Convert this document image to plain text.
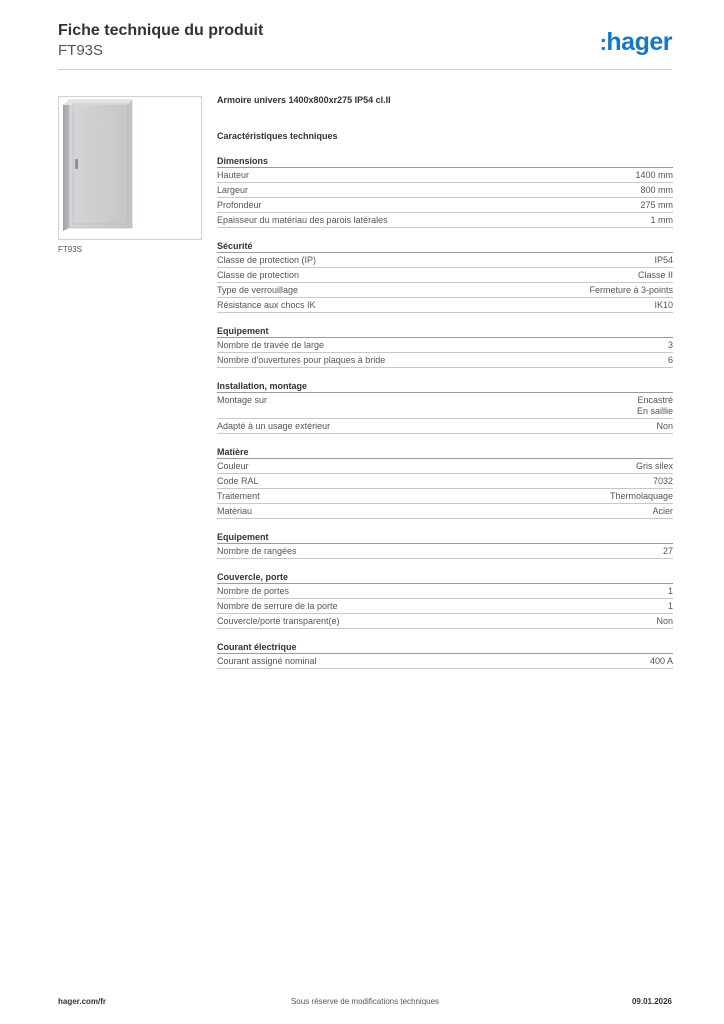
Fiche technique du produit
FT93S	:hager
FT93S
Armoire univers 1400x800xr275 IP54 cl.II
Caractéristiques techniques
Dimensions
Hauteur	1400 mm
Largeur	800 mm
Profondeur	275 mm
Epaisseur du matériau des parois latérales	1 mm
Sécurité
Classe de protection (IP)	IP54
Classe de protection	Classe II
Type de verrouillage	Fermeture à 3-points
Résistance aux chocs IK	IK10
Equipement
Nombre de travée de large	3
Nombre d'ouvertures pour plaques à bride	6
Installation, montage
Montage sur	Encastré
En saillie
Adapté à un usage extérieur	Non
Matière
Couleur	Gris silex
Code RAL	7032
Traitement	Thermolaquage
Matériau	Acier
Equipement
Nombre de rangées	27
Couvercle, porte
Nombre de portes	1
Nombre de serrure de la porte	1
Couvercle/porte transparent(e)	Non
Courant électrique
Courant assigné nominal	400 A
hager.com/fr	Sous réserve de modifications techniques	09.01.2026
